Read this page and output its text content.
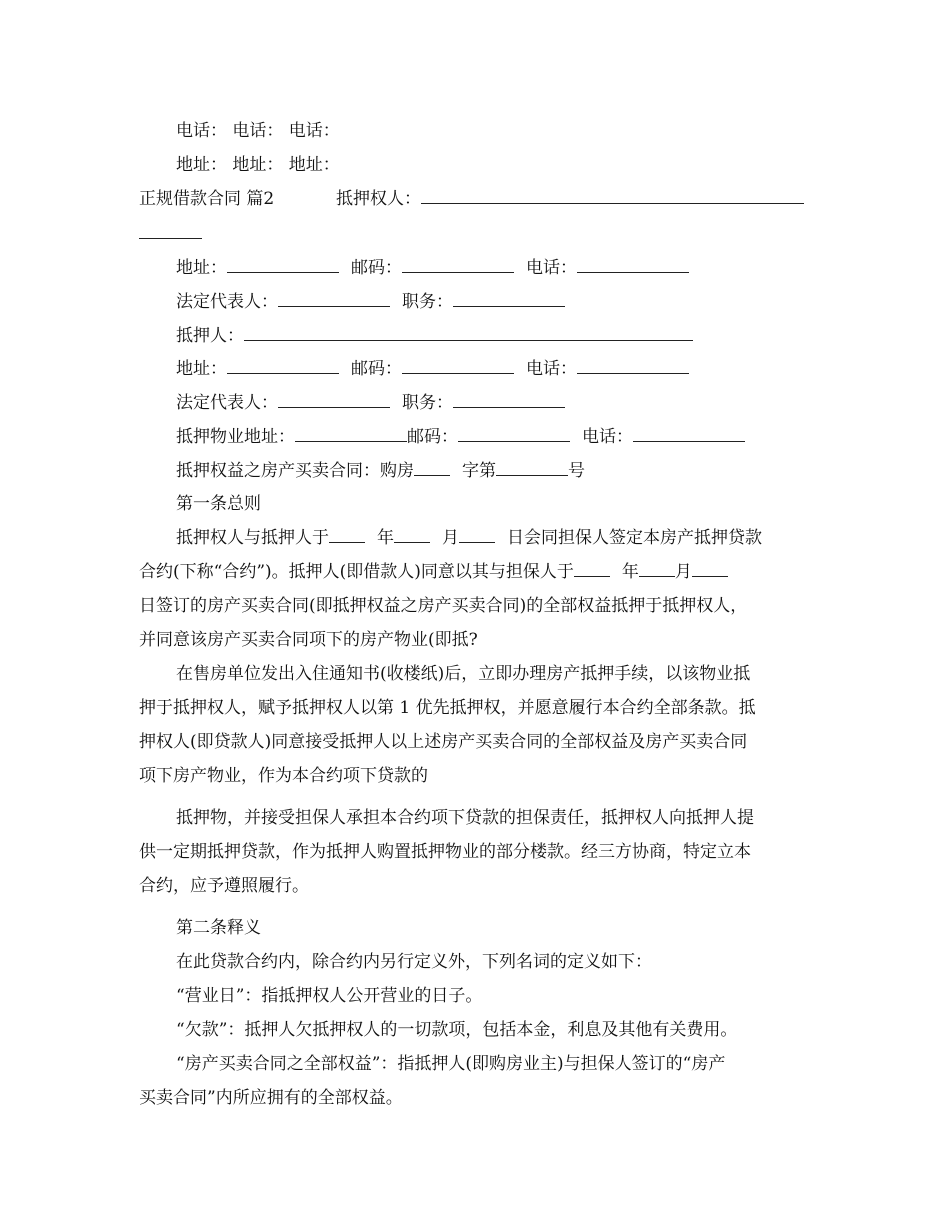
电话： 电话： 电话：
地址： 地址： 地址：
正规借款合同 篇2	抵押权人：
地址：	邮码：	电话：
法定代表人：	职务：
抵押人：
地址：	邮码：	电话：
法定代表人：	职务：
抵押物业地址：	邮码：	电话：
抵押权益之房产买卖合同：购房	字第	号
第一条总则
抵押权人与抵押人于	年	月	日会同担保人签定本房产抵押贷款
合约(下称“合约”)。抵押人(即借款人)同意以其与担保人于	年 月
日签订的房产买卖合同(即抵押权益之房产买卖合同)的全部权益抵押于抵押权人，
并同意该房产买卖合同项下的房产物业(即抵?
在售房单位发出入住通知书(收楼纸)后，立即办理房产抵押手续，以该物业抵
押于抵押权人，赋予抵押权人以第 1 优先抵押权，并愿意履行本合约全部条款。抵
押权人(即贷款人)同意接受抵押人以上述房产买卖合同的全部权益及房产买卖合同
项下房产物业，作为本合约项下贷款的
抵押物，并接受担保人承担本合约项下贷款的担保责任，抵押权人向抵押人提
供一定期抵押贷款，作为抵押人购置抵押物业的部分楼款。经三方协商，特定立本
合约，应予遵照履行。
第二条释义
在此贷款合约内，除合约内另行定义外，下列名词的定义如下：
“营业日”：指抵押权人公开营业的日子。
“欠款”：抵押人欠抵押权人的一切款项，包括本金，利息及其他有关费用。
“房产买卖合同之全部权益”：指抵押人(即购房业主)与担保人签订的“房产
买卖合同”内所应拥有的全部权益。
